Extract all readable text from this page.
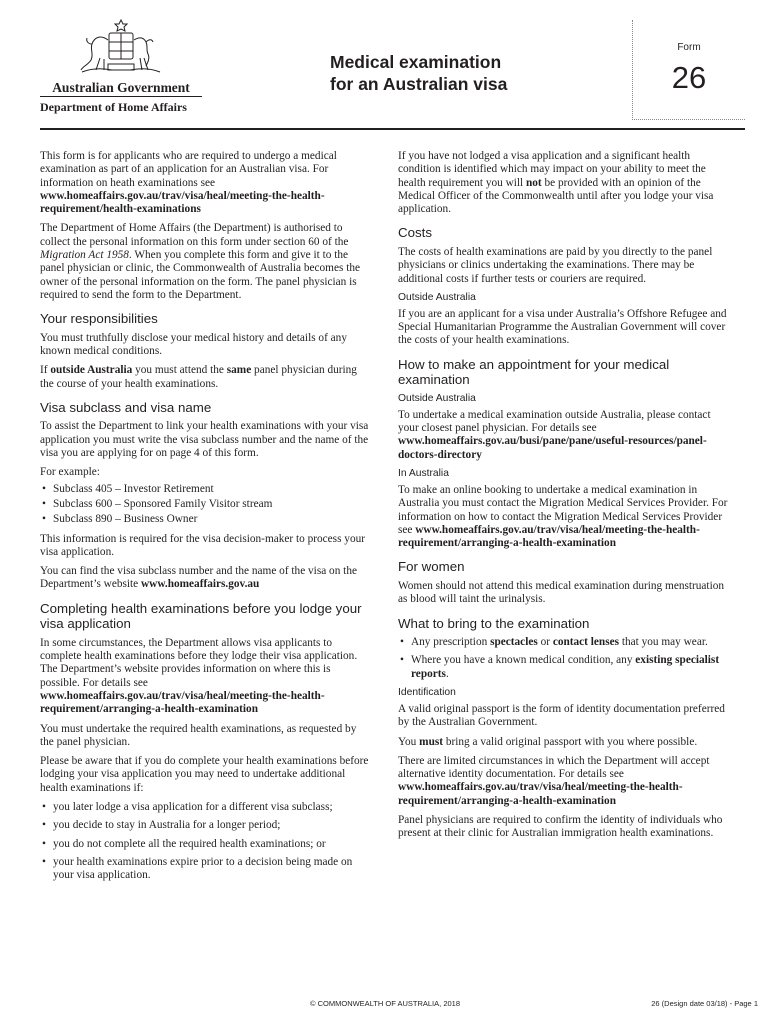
Australian Government
Department of Home Affairs
Medical examination
for an Australian visa
Form
26

This form is for applicants who are required to undergo a medical examination as part of an application for an Australian visa. For information on heath examinations see www.homeaffairs.gov.au/trav/visa/heal/meeting-the-health-requirement/health-examinations

The Department of Home Affairs (the Department) is authorised to collect the personal information on this form under section 60 of the Migration Act 1958. When you complete this form and give it to the panel physician or clinic, the Commonwealth of Australia becomes the owner of the personal information on the form. The panel physician is required to send the form to the Department.

Your responsibilities

You must truthfully disclose your medical history and details of any known medical conditions.

If outside Australia you must attend the same panel physician during the course of your health examinations.

Visa subclass and visa name

To assist the Department to link your health examinations with your visa application you must write the visa subclass number and the name of the visa you are applying for on page 4 of this form.

For example:

• Subclass 405 – Investor Retirement
• Subclass 600 – Sponsored Family Visitor stream
• Subclass 890 – Business Owner

This information is required for the visa decision-maker to process your visa application.

You can find the visa subclass number and the name of the visa on the Department’s website www.homeaffairs.gov.au

Completing health examinations before you lodge your visa application

In some circumstances, the Department allows visa applicants to complete health examinations before they lodge their visa application. The Department’s website provides information on where this is possible. For details see www.homeaffairs.gov.au/trav/visa/heal/meeting-the-health-requirement/arranging-a-health-examination

You must undertake the required health examinations, as requested by the panel physician.

Please be aware that if you do complete your health examinations before lodging your visa application you may need to undertake additional health examinations if:

• you later lodge a visa application for a different visa subclass;
• you decide to stay in Australia for a longer period;
• you do not complete all the required health examinations; or
• your health examinations expire prior to a decision being made on your visa application.

If you have not lodged a visa application and a significant health condition is identified which may impact on your ability to meet the health requirement you will not be provided with an opinion of the Medical Officer of the Commonwealth until after you lodge your visa application.

Costs

The costs of health examinations are paid by you directly to the panel physicians or clinics undertaking the examinations. There may be additional costs if further tests or couriers are required.

Outside Australia

If you are an applicant for a visa under Australia’s Offshore Refugee and Special Humanitarian Programme the Australian Government will cover the costs of your health examinations.

How to make an appointment for your medical examination
Outside Australia

To undertake a medical examination outside Australia, please contact your closest panel physician. For details see www.homeaffairs.gov.au/busi/pane/pane/useful-resources/panel-doctors-directory

In Australia

To make an online booking to undertake a medical examination in Australia you must contact the Migration Medical Services Provider. For information on how to contact the Migration Medical Services Provider see www.homeaffairs.gov.au/trav/visa/heal/meeting-the-health-requirement/arranging-a-health-examination

For women

Women should not attend this medical examination during menstruation as blood will taint the urinalysis.

What to bring to the examination
• Any prescription spectacles or contact lenses that you may wear.
• Where you have a known medical condition, any existing specialist reports.
Identification

A valid original passport is the form of identity documentation preferred by the Australian Government.

You must bring a valid original passport with you where possible.

There are limited circumstances in which the Department will accept alternative identity documentation. For details see www.homeaffairs.gov.au/trav/visa/heal/meeting-the-health-requirement/arranging-a-health-examination

Panel physicians are required to confirm the identity of individuals who present at their clinic for Australian immigration health examinations.

© COMMONWEALTH OF AUSTRALIA, 2018	26 (Design date 03/18) - Page 1
